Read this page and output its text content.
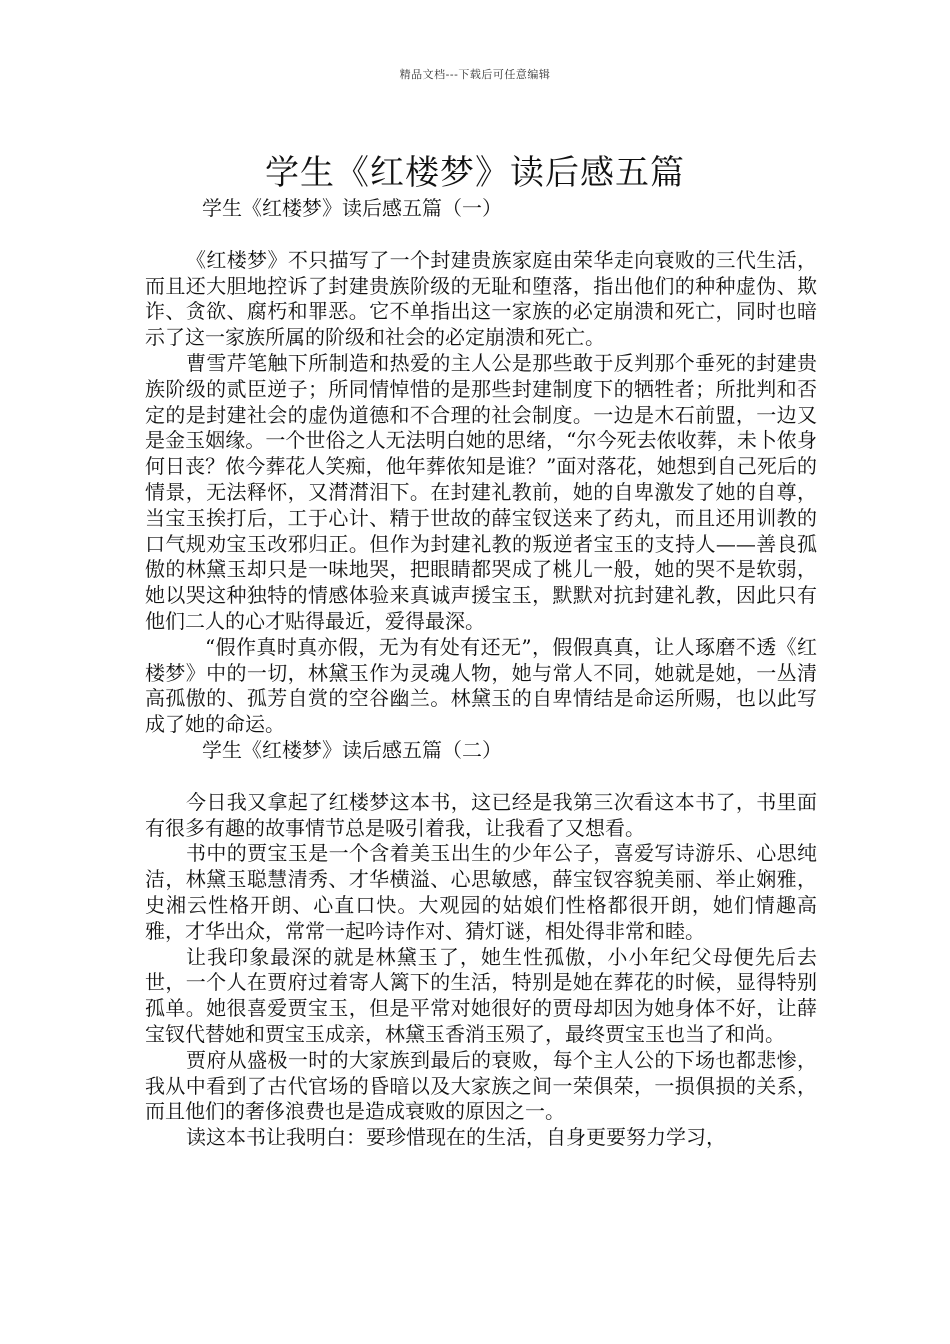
精品文档---下载后可任意编辑
学生《红楼梦》读后感五篇

学生《红楼梦》读后感五篇（一）

《红楼梦》不只描写了一个封建贵族家庭由荣华走向衰败的三代生活，而且还大胆地控诉了封建贵族阶级的无耻和堕落，指出他们的种种虚伪、欺诈、贪欲、腐朽和罪恶。它不单指出这一家族的必定崩溃和死亡，同时也暗示了这一家族所属的阶级和社会的必定崩溃和死亡。

曹雪芹笔触下所制造和热爱的主人公是那些敢于反判那个垂死的封建贵族阶级的贰臣逆子；所同情悼惜的是那些封建制度下的牺牲者；所批判和否定的是封建社会的虚伪道德和不合理的社会制度。一边是木石前盟，一边又是金玉姻缘。一个世俗之人无法明白她的思绪，“尔今死去侬收葬，未卜侬身何日丧？侬今葬花人笑痴，他年葬侬知是谁？”面对落花，她想到自己死后的情景，无法释怀，又潸潸泪下。在封建礼教前，她的自卑激发了她的自尊，当宝玉挨打后，工于心计、精于世故的薛宝钗送来了药丸，而且还用训教的口气规劝宝玉改邪归正。但作为封建礼教的叛逆者宝玉的支持人——善良孤傲的林黛玉却只是一味地哭，把眼睛都哭成了桃儿一般，她的哭不是软弱，她以哭这种独特的情感体验来真诚声援宝玉，默默对抗封建礼教，因此只有他们二人的心才贴得最近，爱得最深。

“假作真时真亦假，无为有处有还无”，假假真真，让人琢磨不透《红楼梦》中的一切，林黛玉作为灵魂人物，她与常人不同，她就是她，一丛清高孤傲的、孤芳自赏的空谷幽兰。林黛玉的自卑情结是命运所赐，也以此写成了她的命运。

学生《红楼梦》读后感五篇（二）

今日我又拿起了红楼梦这本书，这已经是我第三次看这本书了，书里面有很多有趣的故事情节总是吸引着我，让我看了又想看。

书中的贾宝玉是一个含着美玉出生的少年公子，喜爱写诗游乐、心思纯洁，林黛玉聪慧清秀、才华横溢、心思敏感，薛宝钗容貌美丽、举止娴雅，史湘云性格开朗、心直口快。大观园的姑娘们性格都很开朗，她们情趣高雅，才华出众，常常一起吟诗作对、猜灯谜，相处得非常和睦。

让我印象最深的就是林黛玉了，她生性孤傲，小小年纪父母便先后去世，一个人在贾府过着寄人篱下的生活，特别是她在葬花的时候，显得特别孤单。她很喜爱贾宝玉，但是平常对她很好的贾母却因为她身体不好，让薛宝钗代替她和贾宝玉成亲，林黛玉香消玉殒了，最终贾宝玉也当了和尚。

贾府从盛极一时的大家族到最后的衰败，每个主人公的下场也都悲惨，我从中看到了古代官场的昏暗以及大家族之间一荣俱荣，一损俱损的关系，而且他们的奢侈浪费也是造成衰败的原因之一。

读这本书让我明白：要珍惜现在的生活，自身更要努力学习，
